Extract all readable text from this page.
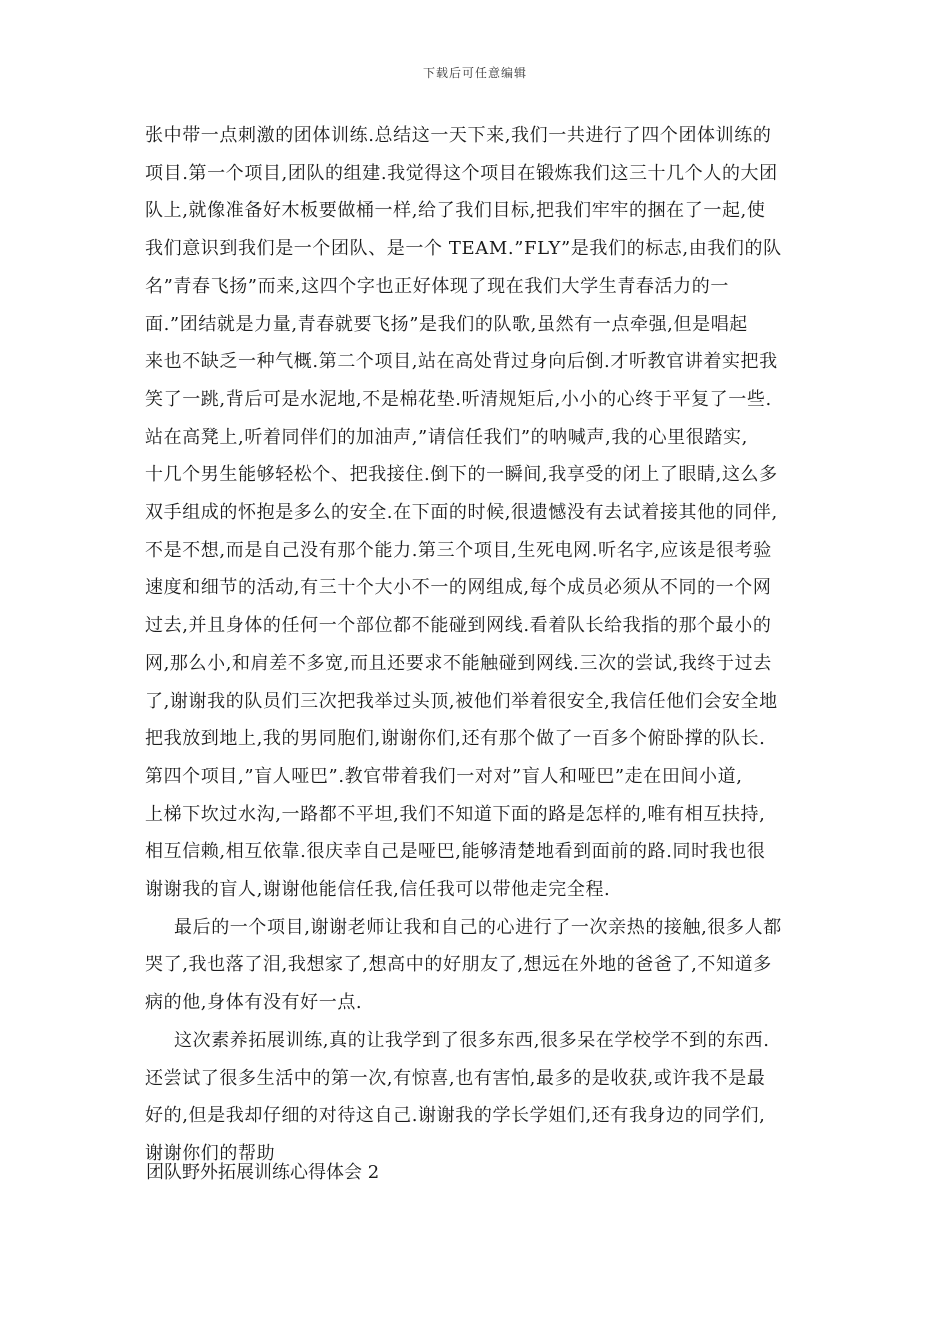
下载后可任意编辑

张中带一点刺激的团体训练.总结这一天下来,我们一共进行了四个团体训练的
项目.第一个项目,团队的组建.我觉得这个项目在锻炼我们这三十几个人的大团
队上,就像准备好木板要做桶一样,给了我们目标,把我们牢牢的捆在了一起,使
我们意识到我们是一个团队、是一个 TEAM.”FLY”是我们的标志,由我们的队
名”青春飞扬”而来,这四个字也正好体现了现在我们大学生青春活力的一
面.”团结就是力量,青春就要飞扬”是我们的队歌,虽然有一点牵强,但是唱起
来也不缺乏一种气概.第二个项目,站在高处背过身向后倒.才听教官讲着实把我
笑了一跳,背后可是水泥地,不是棉花垫.听清规矩后,小小的心终于平复了一些.
站在高凳上,听着同伴们的加油声,”请信任我们”的呐喊声,我的心里很踏实,
十几个男生能够轻松个、把我接住.倒下的一瞬间,我享受的闭上了眼睛,这么多
双手组成的怀抱是多么的安全.在下面的时候,很遗憾没有去试着接其他的同伴,
不是不想,而是自己没有那个能力.第三个项目,生死电网.听名字,应该是很考验
速度和细节的活动,有三十个大小不一的网组成,每个成员必须从不同的一个网
过去,并且身体的任何一个部位都不能碰到网线.看着队长给我指的那个最小的
网,那么小,和肩差不多宽,而且还要求不能触碰到网线.三次的尝试,我终于过去
了,谢谢我的队员们三次把我举过头顶,被他们举着很安全,我信任他们会安全地
把我放到地上,我的男同胞们,谢谢你们,还有那个做了一百多个俯卧撑的队长.
第四个项目,”盲人哑巴”.教官带着我们一对对”盲人和哑巴”走在田间小道,
上梯下坎过水沟,一路都不平坦,我们不知道下面的路是怎样的,唯有相互扶持,
相互信赖,相互依靠.很庆幸自己是哑巴,能够清楚地看到面前的路.同时我也很
谢谢我的盲人,谢谢他能信任我,信任我可以带他走完全程.

最后的一个项目,谢谢老师让我和自己的心进行了一次亲热的接触,很多人都
哭了,我也落了泪,我想家了,想高中的好朋友了,想远在外地的爸爸了,不知道多
病的他,身体有没有好一点.

这次素养拓展训练,真的让我学到了很多东西,很多呆在学校学不到的东西.
还尝试了很多生活中的第一次,有惊喜,也有害怕,最多的是收获,或许我不是最
好的,但是我却仔细的对待这自己.谢谢我的学长学姐们,还有我身边的同学们,
谢谢你们的帮助

团队野外拓展训练心得体会 2
